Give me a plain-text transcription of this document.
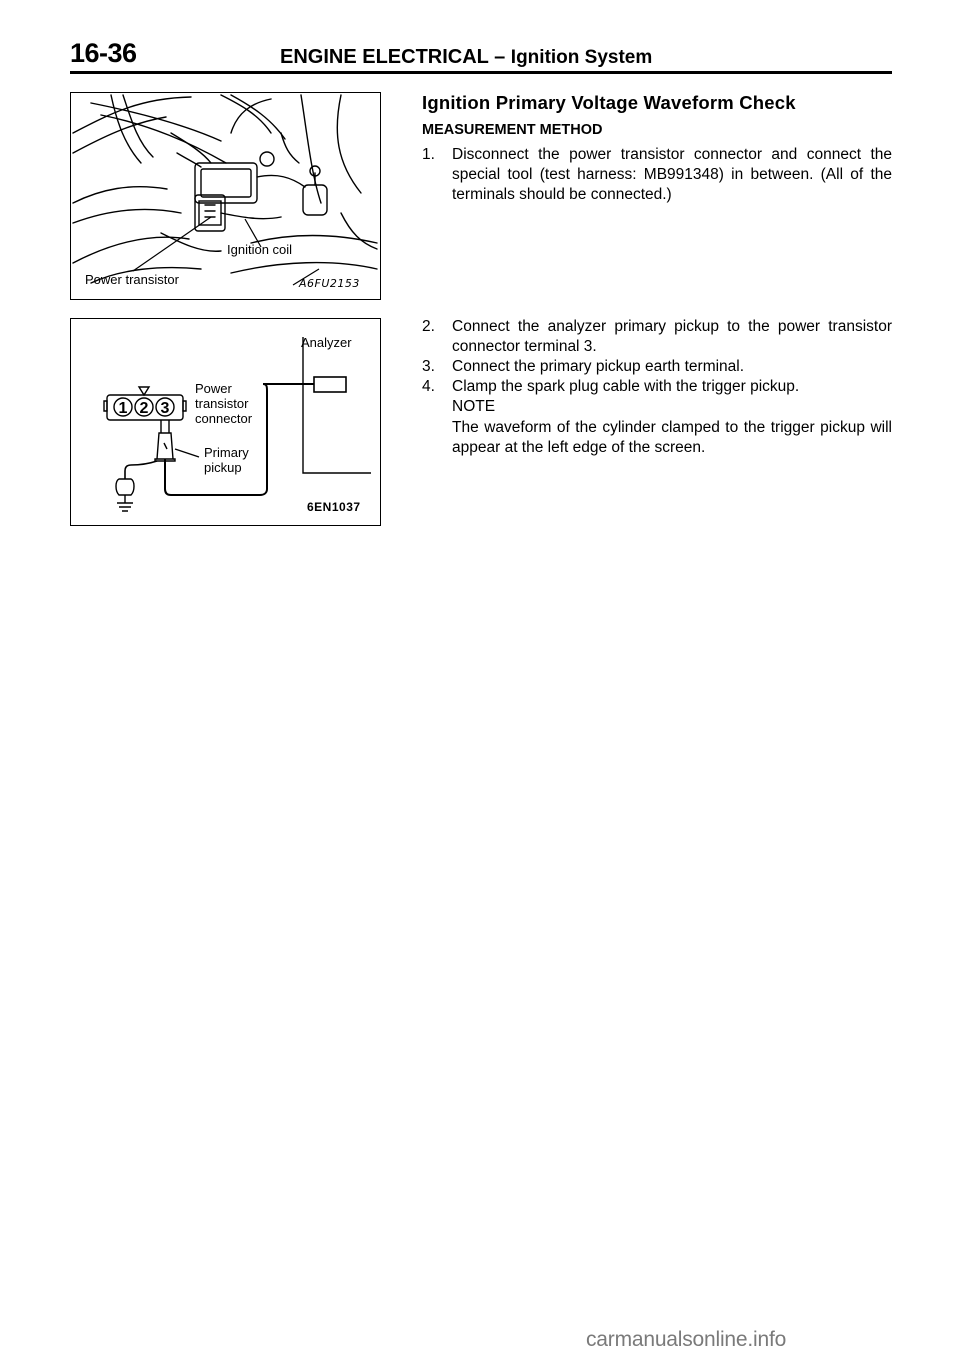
16-36	ENGINE ELECTRICAL – Ignition System
Ignition coil
Power transistor	A6FU2153
1 2 3
Analyzer
Power
transistor
connector
Primary
pickup
6EN1037
Ignition Primary Voltage Waveform Check
MEASUREMENT METHOD
1. Disconnect the power transistor connector and connect the special tool (test harness: MB991348) in between. (All of the terminals should be connected.)
2. Connect the analyzer primary pickup to the power transistor connector terminal 3.
3. Connect the primary pickup earth terminal.
4. Clamp the spark plug cable with the trigger pickup.
NOTE
The waveform of the cylinder clamped to the trigger pickup will appear at the left edge of the screen.
carmanualsonline.info
